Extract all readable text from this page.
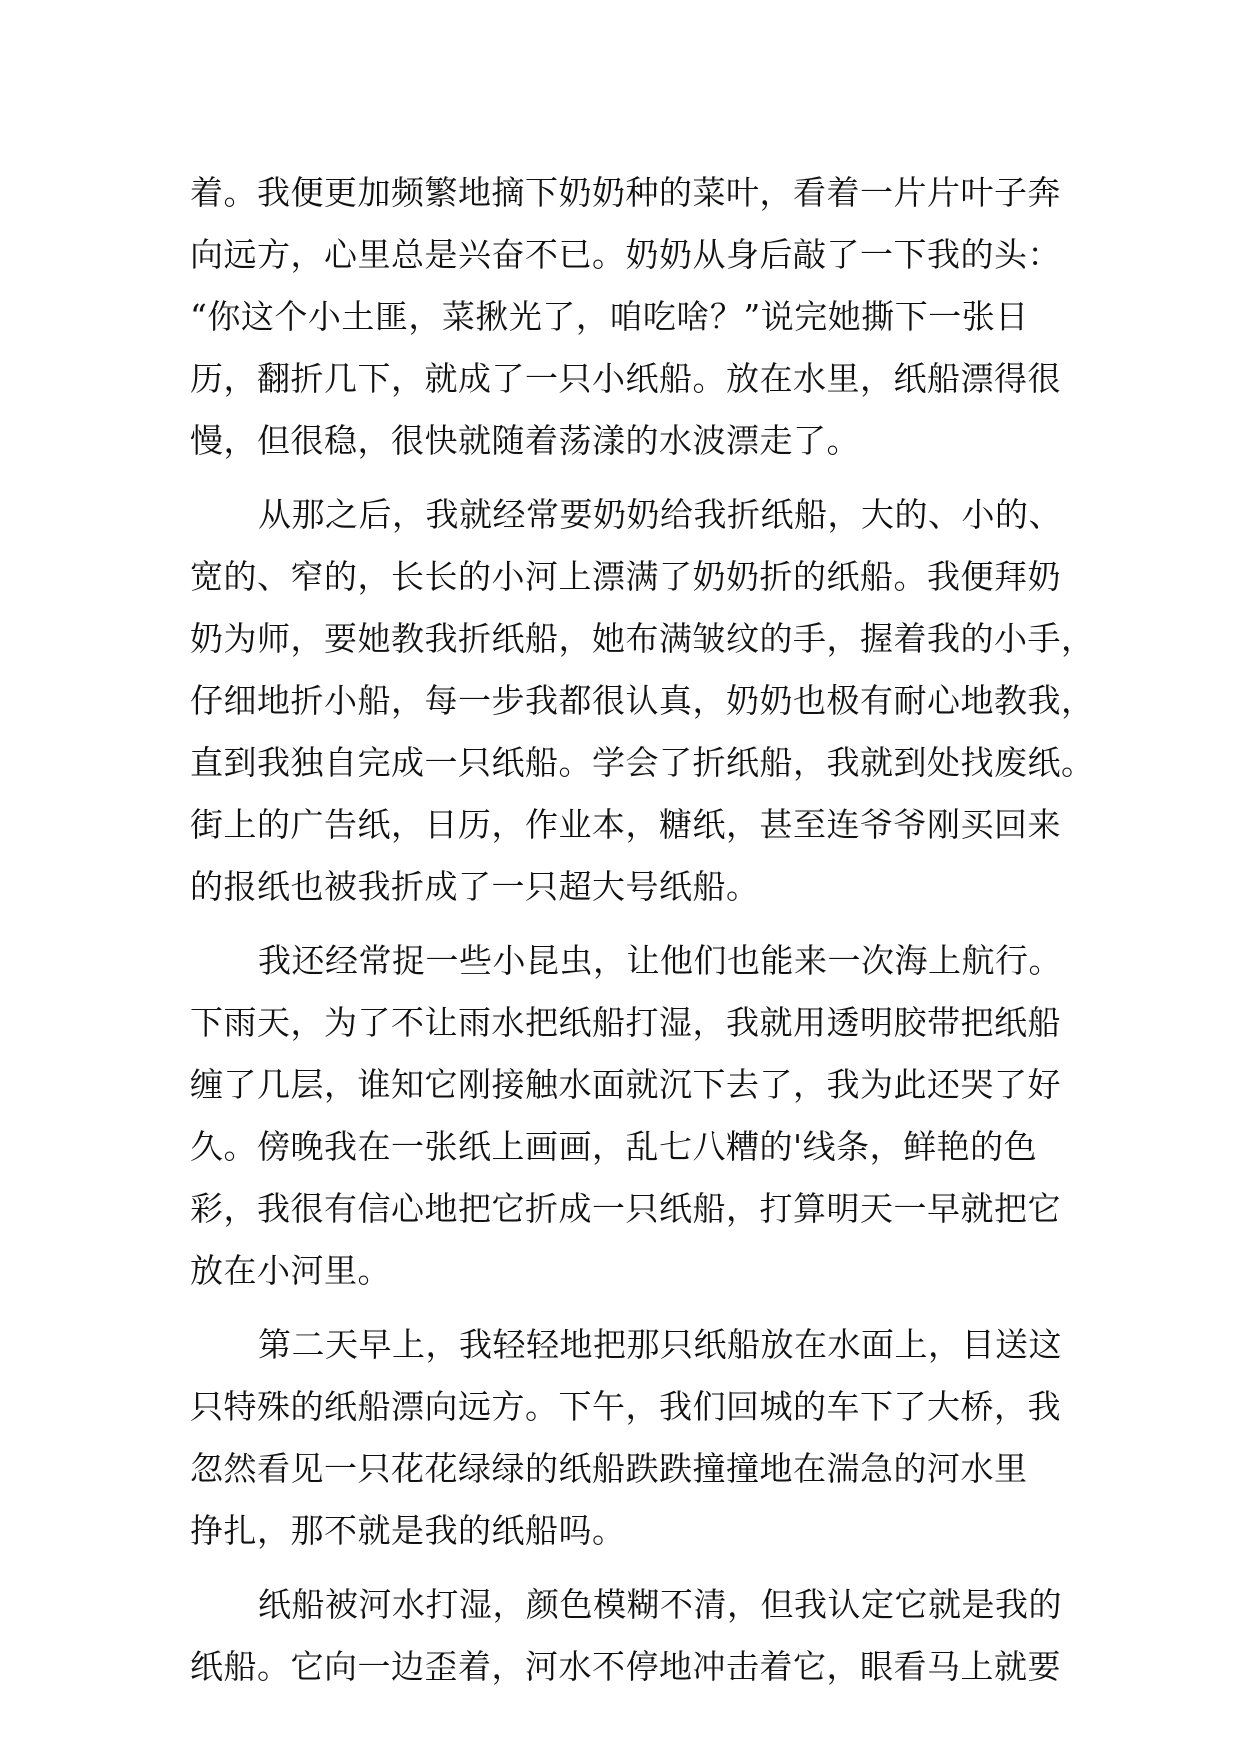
着。我便更加频繁地摘下奶奶种的菜叶，看着一片片叶子奔
向远方，心里总是兴奋不已。奶奶从身后敲了一下我的头：
“你这个小土匪，菜揪光了，咱吃啥？”说完她撕下一张日
历，翻折几下，就成了一只小纸船。放在水里，纸船漂得很
慢，但很稳，很快就随着荡漾的水波漂走了。
从那之后，我就经常要奶奶给我折纸船，大的、小的、
宽的、窄的，长长的小河上漂满了奶奶折的纸船。我便拜奶
奶为师，要她教我折纸船，她布满皱纹的手，握着我的小手，
仔细地折小船，每一步我都很认真，奶奶也极有耐心地教我，
直到我独自完成一只纸船。学会了折纸船，我就到处找废纸。
街上的广告纸，日历，作业本，糖纸，甚至连爷爷刚买回来
的报纸也被我折成了一只超大号纸船。
我还经常捉一些小昆虫，让他们也能来一次海上航行。
下雨天，为了不让雨水把纸船打湿，我就用透明胶带把纸船
缠了几层，谁知它刚接触水面就沉下去了，我为此还哭了好
久。傍晚我在一张纸上画画，乱七八糟的'线条，鲜艳的色
彩，我很有信心地把它折成一只纸船，打算明天一早就把它
放在小河里。
第二天早上，我轻轻地把那只纸船放在水面上，目送这
只特殊的纸船漂向远方。下午，我们回城的车下了大桥，我
忽然看见一只花花绿绿的纸船跌跌撞撞地在湍急的河水里
挣扎，那不就是我的纸船吗。
纸船被河水打湿，颜色模糊不清，但我认定它就是我的
纸船。它向一边歪着，河水不停地冲击着它，眼看马上就要
